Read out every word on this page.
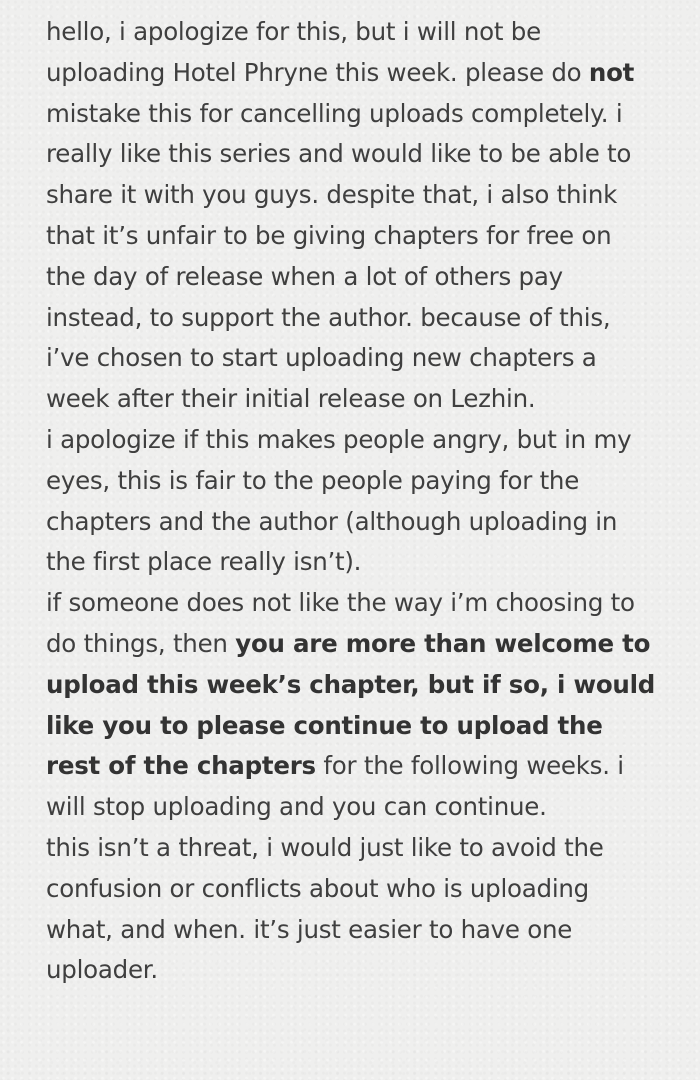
hello, i apologize for this, but i will not be uploading Hotel Phryne this week. please do not mistake this for cancelling uploads completely. i really like this series and would like to be able to share it with you guys. despite that, i also think that it’s unfair to be giving chapters for free on the day of release when a lot of others pay instead, to support the author. because of this, i’ve chosen to start uploading new chapters a week after their initial release on Lezhin.

i apologize if this makes people angry, but in my eyes, this is fair to the people paying for the chapters and the author (although uploading in the first place really isn’t).

if someone does not like the way i’m choosing to do things, then you are more than welcome to upload this week’s chapter, but if so, i would like you to please continue to upload the rest of the chapters for the following weeks. i will stop uploading and you can continue.

this isn’t a threat, i would just like to avoid the confusion or conflicts about who is uploading what, and when. it’s just easier to have one uploader.
